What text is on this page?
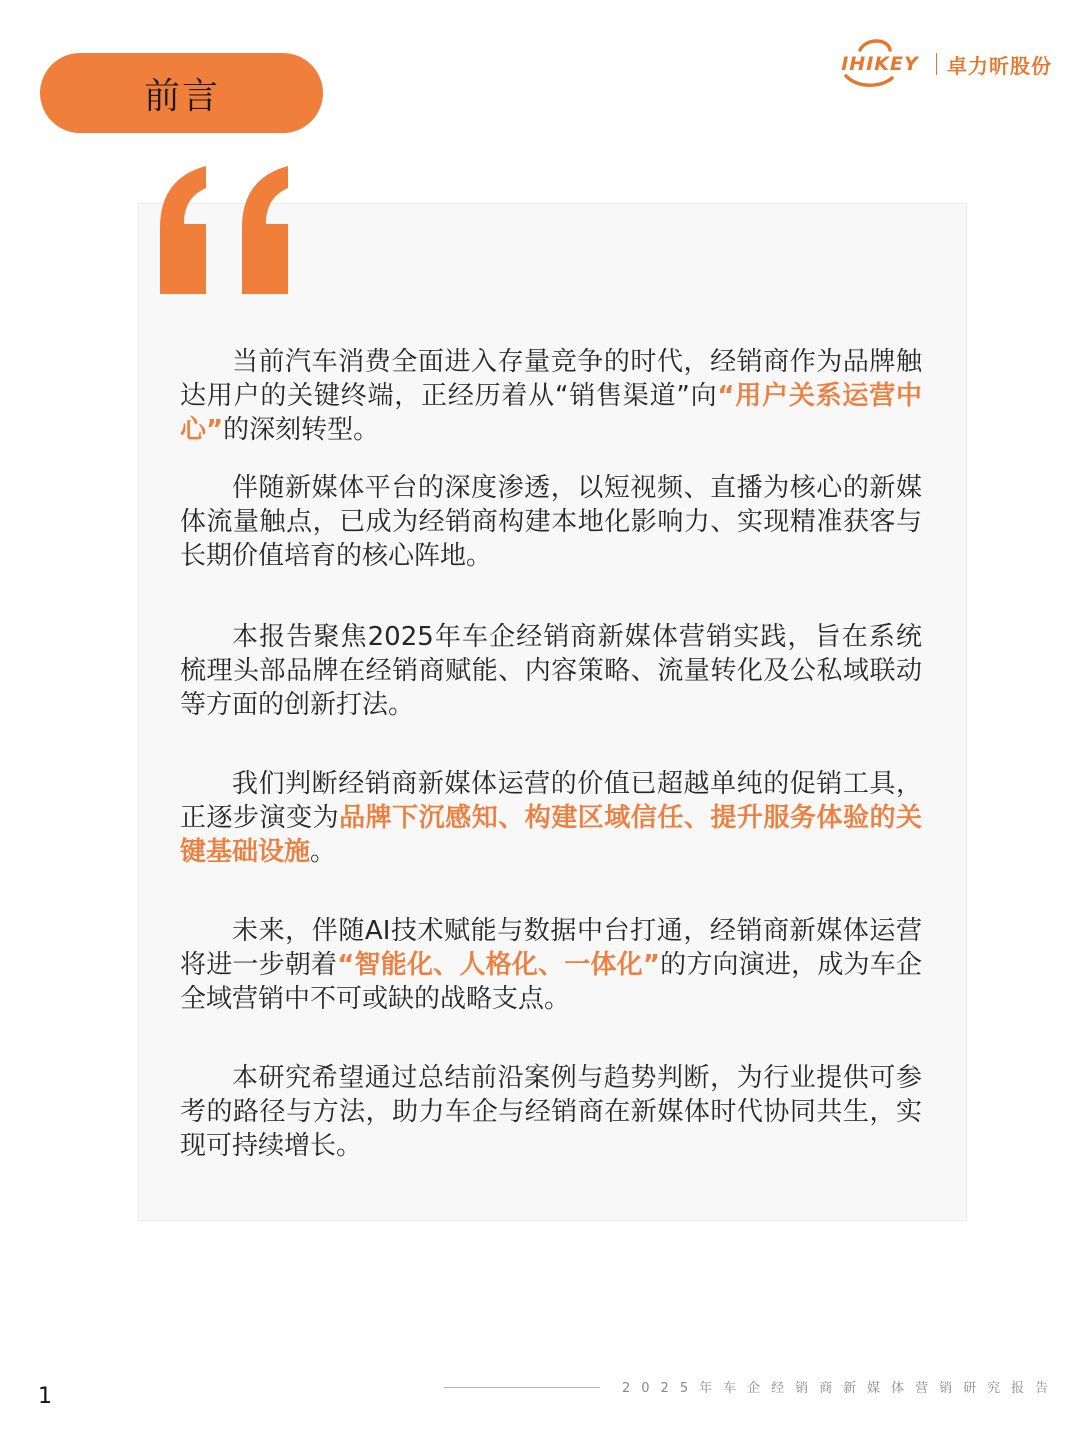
前言
IHIKEY 卓力昕股份

当前汽车消费全面进入存量竞争的时代，经销商作为品牌触达用户的关键终端，正经历着从“销售渠道”向“用户关系运营中心”的深刻转型。

伴随新媒体平台的深度渗透，以短视频、直播为核心的新媒体流量触点，已成为经销商构建本地化影响力、实现精准获客与长期价值培育的核心阵地。

本报告聚焦2025年车企经销商新媒体营销实践，旨在系统梳理头部品牌在经销商赋能、内容策略、流量转化及公私域联动等方面的创新打法。

我们判断经销商新媒体运营的价值已超越单纯的促销工具，正逐步演变为品牌下沉感知、构建区域信任、提升服务体验的关键基础设施。

未来，伴随AI技术赋能与数据中台打通，经销商新媒体运营将进一步朝着“智能化、人格化、一体化”的方向演进，成为车企全域营销中不可或缺的战略支点。

本研究希望通过总结前沿案例与趋势判断，为行业提供可参考的路径与方法，助力车企与经销商在新媒体时代协同共生，实现可持续增长。

1	2025年车企经销商新媒体营销研究报告
